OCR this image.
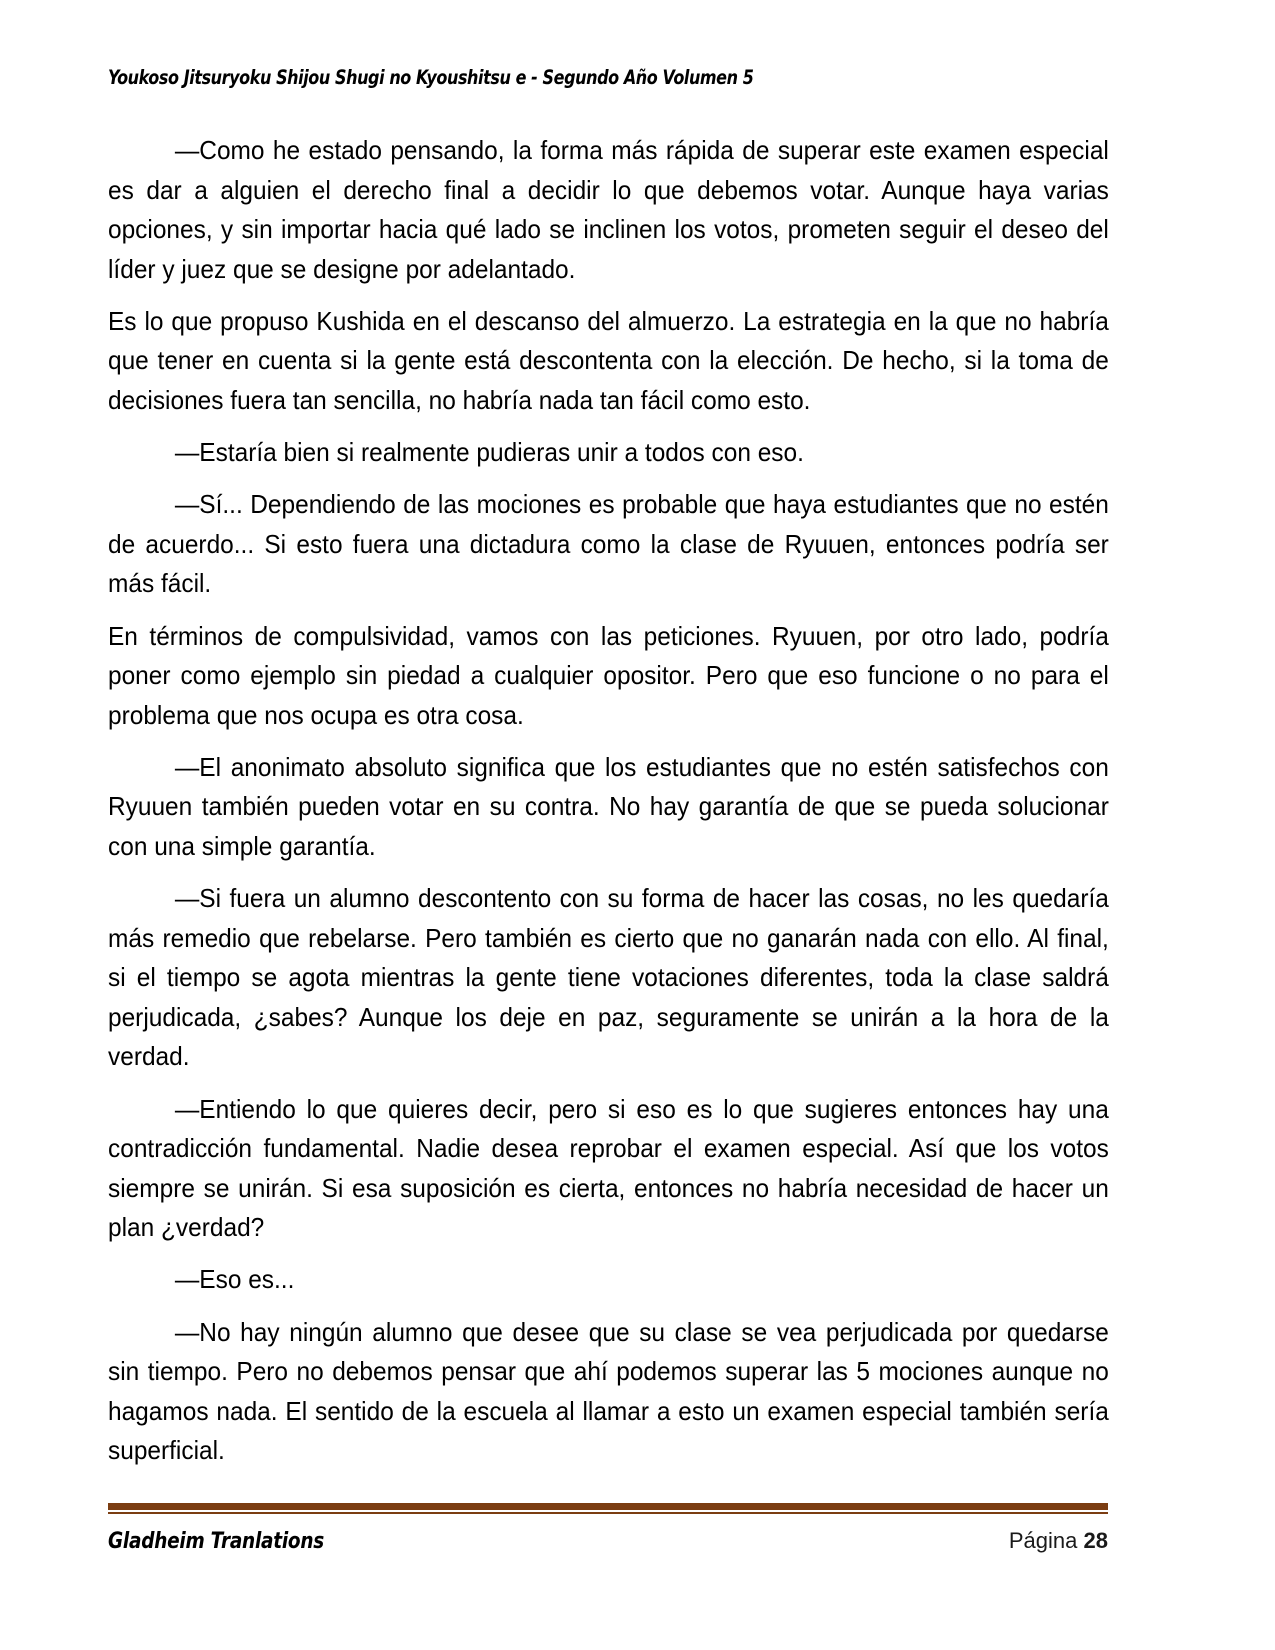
Youkoso Jitsuryoku Shijou Shugi no Kyoushitsu e - Segundo Año Volumen 5

—Como he estado pensando, la forma más rápida de superar este examen especial es dar a alguien el derecho final a decidir lo que debemos votar. Aunque haya varias opciones, y sin importar hacia qué lado se inclinen los votos, prometen seguir el deseo del líder y juez que se designe por adelantado.

Es lo que propuso Kushida en el descanso del almuerzo. La estrategia en la que no habría que tener en cuenta si la gente está descontenta con la elección. De hecho, si la toma de decisiones fuera tan sencilla, no habría nada tan fácil como esto.

—Estaría bien si realmente pudieras unir a todos con eso.

—Sí... Dependiendo de las mociones es probable que haya estudiantes que no estén de acuerdo... Si esto fuera una dictadura como la clase de Ryuuen, entonces podría ser más fácil.

En términos de compulsividad, vamos con las peticiones. Ryuuen, por otro lado, podría poner como ejemplo sin piedad a cualquier opositor. Pero que eso funcione o no para el problema que nos ocupa es otra cosa.

—El anonimato absoluto significa que los estudiantes que no estén satisfechos con Ryuuen también pueden votar en su contra. No hay garantía de que se pueda solucionar con una simple garantía.

—Si fuera un alumno descontento con su forma de hacer las cosas, no les quedaría más remedio que rebelarse. Pero también es cierto que no ganarán nada con ello. Al final, si el tiempo se agota mientras la gente tiene votaciones diferentes, toda la clase saldrá perjudicada, ¿sabes? Aunque los deje en paz, seguramente se unirán a la hora de la verdad.

—Entiendo lo que quieres decir, pero si eso es lo que sugieres entonces hay una contradicción fundamental. Nadie desea reprobar el examen especial. Así que los votos siempre se unirán. Si esa suposición es cierta, entonces no habría necesidad de hacer un plan ¿verdad?

—Eso es...

—No hay ningún alumno que desee que su clase se vea perjudicada por quedarse sin tiempo. Pero no debemos pensar que ahí podemos superar las 5 mociones aunque no hagamos nada. El sentido de la escuela al llamar a esto un examen especial también sería superficial.

Gladheim Tranlations	Página 28
